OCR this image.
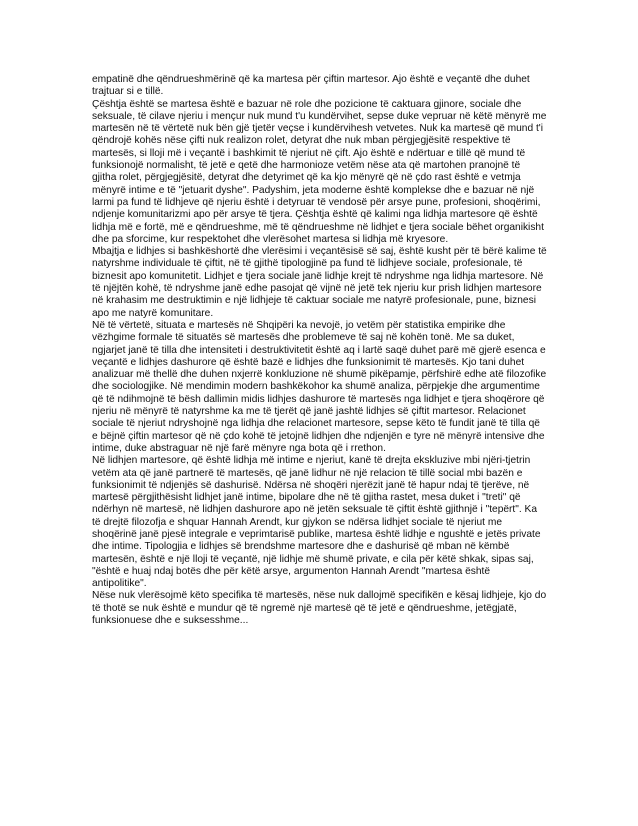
empatinë dhe qëndrueshmërinë që ka martesa për çiftin martesor. Ajo është e veçantë dhe duhet trajtuar si e tillë.

Çështja është se martesa është e bazuar në role dhe pozicione të caktuara gjinore, sociale dhe seksuale, të cilave njeriu i mençur nuk mund t'u kundërvihet, sepse duke vepruar në këtë mënyrë me martesën në të vërtetë nuk bën gjë tjetër veçse i kundërvihesh vetvetes. Nuk ka martesë që mund t'i qëndrojë kohës nëse çifti nuk realizon rolet, detyrat dhe nuk mban përgjegjësitë respektive të martesës, si lloji më i veçantë i bashkimit të njeriut në çift. Ajo është e ndërtuar e tillë që mund të funksionojë normalisht, të jetë e qetë dhe harmonioze vetëm nëse ata që martohen pranojnë të gjitha rolet, përgjegjësitë, detyrat dhe detyrimet që ka kjo mënyrë që në çdo rast është e vetmja mënyrë intime e të "jetuarit dyshe". Padyshim, jeta moderne është komplekse dhe e bazuar në një larmi pa fund të lidhjeve që njeriu është i detyruar të vendosë për arsye pune, profesioni, shoqërimi, ndjenje komunitarizmi apo për arsye të tjera. Çështja është që kalimi nga lidhja martesore që është lidhja më e fortë, më e qëndrueshme, më të qëndrueshme në lidhjet e tjera sociale bëhet organikisht dhe pa sforcime, kur respektohet dhe vlerësohet martesa si lidhja më kryesore.

Mbajtja e lidhjes si bashkëshortë dhe vlerësimi i veçantësisë së saj, është kusht për të bërë kalime të natyrshme individuale të çiftit, në të gjithë tipologjinë pa fund të lidhjeve sociale, profesionale, të biznesit apo komunitetit. Lidhjet e tjera sociale janë lidhje krejt të ndryshme nga lidhja martesore. Në të njëjtën kohë, të ndryshme janë edhe pasojat që vijnë në jetë tek njeriu kur prish lidhjen martesore në krahasim me destruktimin e një lidhjeje të caktuar sociale me natyrë profesionale, pune, biznesi apo me natyrë komunitare.

Në të vërtetë, situata e martesës në Shqipëri ka nevojë, jo vetëm për statistika empirike dhe vëzhgime formale të situatës së martesës dhe problemeve të saj në kohën tonë. Me sa duket, ngjarjet janë të tilla dhe intensiteti i destruktivitetit është aq i lartë saqë duhet parë më gjerë esenca e veçantë e lidhjes dashurore që është bazë e lidhjes dhe funksionimit të martesës. Kjo tani duhet analizuar më thellë dhe duhen nxjerrë konkluzione në shumë pikëpamje, përfshirë edhe atë filozofike dhe sociologjike. Në mendimin modern bashkëkohor ka shumë analiza, përpjekje dhe argumentime që të ndihmojnë të bësh dallimin midis lidhjes dashurore të martesës nga lidhjet e tjera shoqërore që njeriu në mënyrë të natyrshme ka me të tjerët që janë jashtë lidhjes së çiftit martesor. Relacionet sociale të njeriut ndryshojnë nga lidhja dhe relacionet martesore, sepse këto të fundit janë të tilla që e bëjnë çiftin martesor që në çdo kohë të jetojnë lidhjen dhe ndjenjën e tyre në mënyrë intensive dhe intime, duke abstraguar në një farë mënyre nga bota që i rrethon.

Në lidhjen martesore, që është lidhja më intime e njeriut, kanë të drejta ekskluzive mbi njëri-tjetrin vetëm ata që janë partnerë të martesës, që janë lidhur në një relacion të tillë social mbi bazën e funksionimit të ndjenjës së dashurisë. Ndërsa në shoqëri njerëzit janë të hapur ndaj të tjerëve, në martesë përgjithësisht lidhjet janë intime, bipolare dhe në të gjitha rastet, mesa duket i "treti" që ndërhyn në martesë, në lidhjen dashurore apo në jetën seksuale të çiftit është gjithnjë i "tepërt". Ka të drejtë filozofja e shquar Hannah Arendt, kur gjykon se ndërsa lidhjet sociale të njeriut me shoqërinë janë pjesë integrale e veprimtarisë publike, martesa është lidhje e ngushtë e jetës private dhe intime. Tipologjia e lidhjes së brendshme martesore dhe e dashurisë që mban në këmbë martesën, është e një lloji të veçantë, një lidhje më shumë private, e cila për këtë shkak, sipas saj, "është e huaj ndaj botës dhe për këtë arsye, argumenton Hannah Arendt "martesa është antipolitike".

Nëse nuk vlerësojmë këto specifika të martesës, nëse nuk dallojmë specifikën e kësaj lidhjeje, kjo do të thotë se nuk është e mundur që të ngremë një martesë që të jetë e qëndrueshme, jetëgjatë, funksionuese dhe e suksesshme...
